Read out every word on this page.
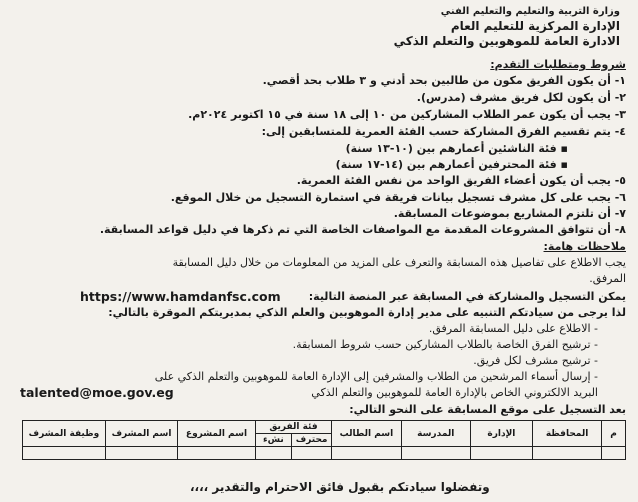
وزارة التربية والتعليم والتعليم الفني
الإدارة المركزية للتعليم العام
الادارة العامة للموهوبين والتعلم الذكي
شروط ومتطلبات التقدم:
١- أن يكون الفريق مكون من طالبين بحد أدني و ٣ طلاب بحد أقصي.
٢- أن يكون لكل فريق مشرف (مدرس).
٣- يجب أن يكون عمر الطلاب المشاركين من ١٠ إلى ١٨ سنة في ١٥ اكتوبر ٢٠٢٤م.
٤- يتم تقسيم الفرق المشاركة حسب الفئة العمرية للمتسابقين إلى:
▪ فئة الناشئين أعمارهم بين (١٠-١٣ سنة)
▪ فئة المحترفين أعمارهم بين (١٤-١٧ سنة)
٥- يجب أن يكون أعضاء الفريق الواحد من نفس الفئة العمرية.
٦- يجب على كل مشرف تسجيل بيانات فريقة في استمارة التسجيل من خلال الموقع.
٧- أن تلتزم المشاريع بموضوعات المسابقة.
٨- أن تتوافق المشروعات المقدمة مع المواصفات الخاصة التي تم ذكرها في دليل قواعد المسابقة.
ملاحظات هامة:
يجب الاطلاع على تفاصيل هذه المسابقة والتعرف على المزيد من المعلومات من خلال دليل المسابقة
المرفق.
يمكن التسجيل والمشاركة في المسابقة عبر المنصة التالية:
https://www.hamdanfsc.com
لذا يرجى من سيادتكم التنبيه على مدير إدارة الموهوبين والعلم الذكي بمديريتكم الموقرة بالتالي:
- الاطلاع على دليل المسابقة المرفق.
- ترشيح الفرق الخاصة بالطلاب المشاركين حسب شروط المسابقة.
- ترشيح مشرف لكل فريق.
- إرسال أسماء المرشحين من الطلاب والمشرفين إلى الإدارة العامة للموهوبين والتعلم الذكي على
البريد الالكتروني الخاص بالإدارة العامة للموهوبين والتعلم الذكي
talented@moe.gov.eg
بعد التسجيل على موقع المسابقة على النحو التالي:
م	المحافظة	الإدارة	المدرسة	اسم الطالب	فئة الفريق		اسم المشروع	اسم المشرف	وظيفة المشرف
					محترف	نشء			

وتفضلوا سيادتكم بقبول فائق الاحترام والتقدير ،،،،
